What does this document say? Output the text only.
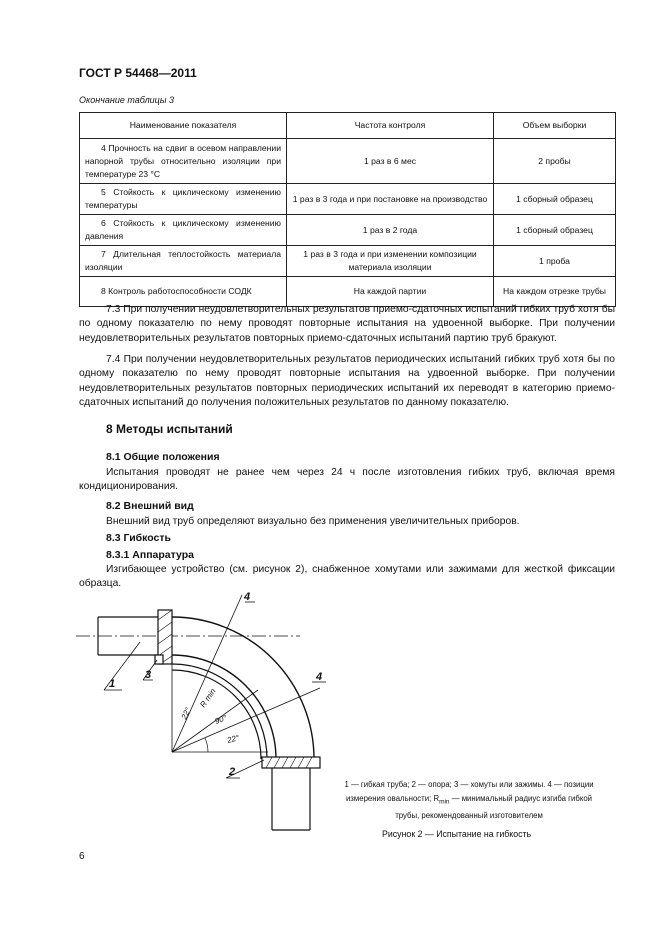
ГОСТ Р 54468—2011
Окончание таблицы 3
Наименование показателя	Частота контроля	Объем выборки
4 Прочность на сдвиг в осевом направлении напорной трубы относительно изоляции при температуре 23 °С	1 раз в 6 мес	2 пробы
5 Стойкость к циклическому изменению температуры	1 раз в 3 года и при постановке на производство	1 сборный образец
6 Стойкость к циклическому изменению давления	1 раз в 2 года	1 сборный образец
7 Длительная теплостойкость материала изоляции	1 раз в 3 года и при изменении композиции материала изоляции	1 проба
8 Контроль работоспособности СОДК	На каждой партии	На каждом отрезке трубы
7.3 При получении неудовлетворительных результатов приемо-сдаточных испытаний гибких труб хотя бы по одному показателю по нему проводят повторные испытания на удвоенной выборке. При получении неудовлетворительных результатов повторных приемо-сдаточных испытаний партию труб бракуют.
7.4 При получении неудовлетворительных результатов периодических испытаний гибких труб хотя бы по одному показателю по нему проводят повторные испытания на удвоенной выборке. При получении неудовлетворительных результатов повторных периодических испытаний их переводят в категорию приемо-сдаточных испытаний до получения положительных результатов по данному показателю.
8 Методы испытаний
8.1 Общие положения
Испытания проводят не ранее чем через 24 ч после изготовления гибких труб, включая время кондиционирования.
8.2 Внешний вид
Внешний вид труб определяют визуально без применения увеличительных приборов.
8.3 Гибкость
8.3.1 Аппаратура
Изгибающее устройство (см. рисунок 2), снабженное хомутами или зажимами для жесткой фиксации образца.
1
3
2
4
4
22°
R min
90°
22°
1 — гибкая труба; 2 — опора; 3 — хомуты или зажимы. 4 — позиции
измерения овальности; $R_{min}$ — минимальный радиус изгиба гибкой
трубы, рекомендованный изготовителем
Рисунок 2 — Испытание на гибкость
6
